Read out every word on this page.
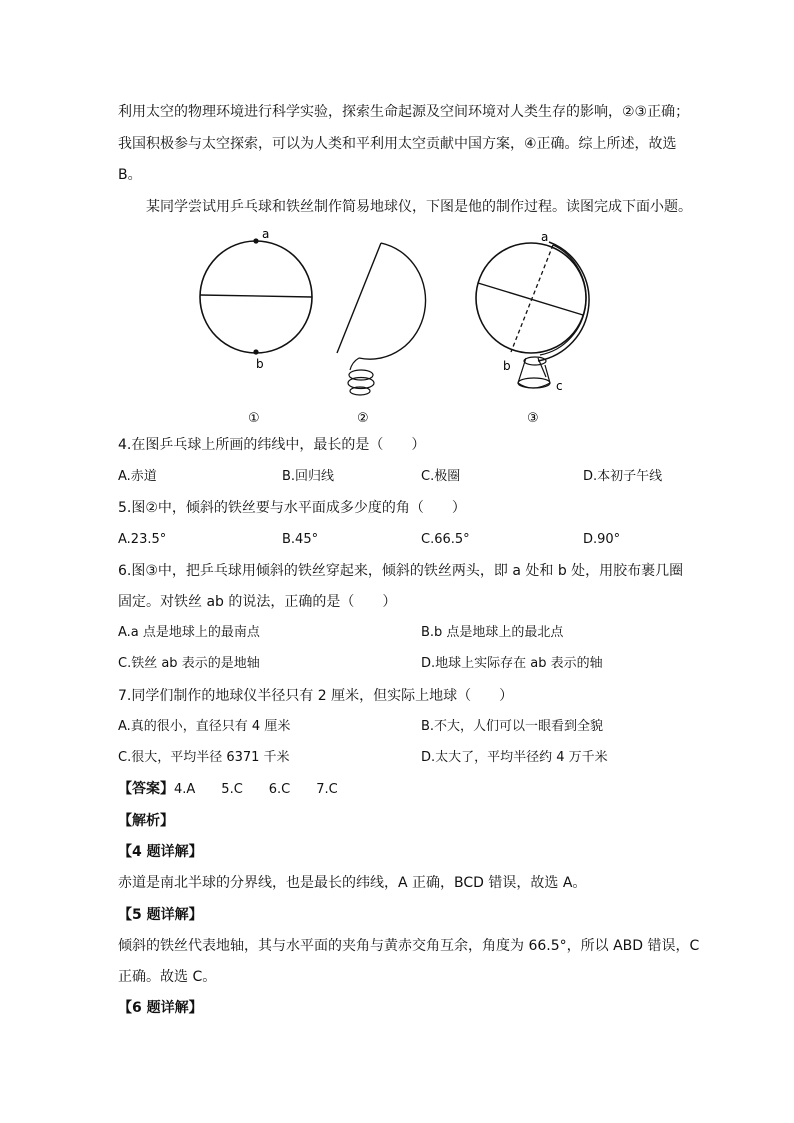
利用太空的物理环境进行科学实验，探索生命起源及空间环境对人类生存的影响，②③正确；
我国积极参与太空探索，可以为人类和平利用太空贡献中国方案，④正确。综上所述，故选
B。
某同学尝试用乒乓球和铁丝制作简易地球仪，下图是他的制作过程。读图完成下面小题。
a
b
a
b
c
①	②	③
4.在图乒乓球上所画的纬线中，最长的是（　　）
A.赤道	B.回归线	C.极圈	D.本初子午线
5.图②中，倾斜的铁丝要与水平面成多少度的角（　　）
A.23.5°	B.45°	C.66.5°	D.90°
6.图③中，把乒乓球用倾斜的铁丝穿起来，倾斜的铁丝两头，即 a 处和 b 处，用胶布裹几圈
固定。对铁丝 ab 的说法，正确的是（　　）
A.a 点是地球上的最南点	B.b 点是地球上的最北点
C.铁丝 ab 表示的是地轴	D.地球上实际存在 ab 表示的轴
7.同学们制作的地球仪半径只有 2 厘米，但实际上地球（　　）
A.真的很小，直径只有 4 厘米	B.不大，人们可以一眼看到全貌
C.很大，平均半径 6371 千米	D.太大了，平均半径约 4 万千米
【答案】4.A　　5.C　　6.C　　7.C
【解析】
【4 题详解】
赤道是南北半球的分界线，也是最长的纬线，A 正确，BCD 错误，故选 A。
【5 题详解】
倾斜的铁丝代表地轴，其与水平面的夹角与黄赤交角互余，角度为 66.5°，所以 ABD 错误，C
正确。故选 C。
【6 题详解】
